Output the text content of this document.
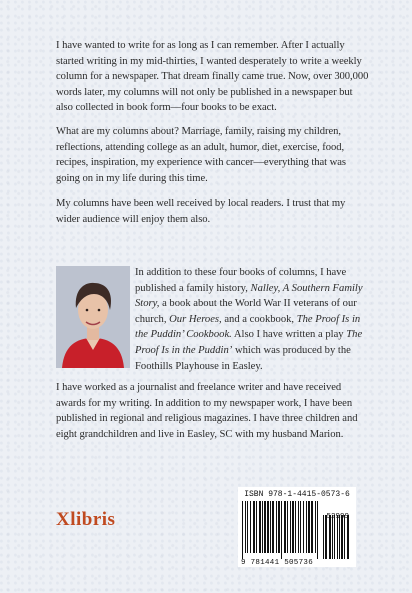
I have wanted to write for as long as I can remember. After I actually started writing in my mid-thirties, I wanted desperately to write a weekly column for a newspaper. That dream finally came true. Now, over 300,000 words later, my columns will not only be published in a newspaper but also collected in book form—four books to be exact.

What are my columns about? Marriage, family, raising my children, reflections, attending college as an adult, humor, diet, exercise, food, recipes, inspiration, my experience with cancer—everything that was going on in my life during this time.

My columns have been well received by local readers. I trust that my wider audience will enjoy them also.

In addition to these four books of columns, I have published a family history, Nalley, A Southern Family Story, a book about the World War II veterans of our church, Our Heroes, and a cookbook, The Proof Is in the Puddin’ Cookbook. Also I have written a play The Proof Is in the Puddin’ which was produced by the Foothills Playhouse in Easley.

I have worked as a journalist and freelance writer and have received awards for my writing. In addition to my newspaper work, I have been published in regional and religious magazines. I have three children and eight grandchildren and live in Easley, SC with my husband Marion.

Xlibris
ISBN 978-1-4415-0573-6
52999
9 781441 505736
